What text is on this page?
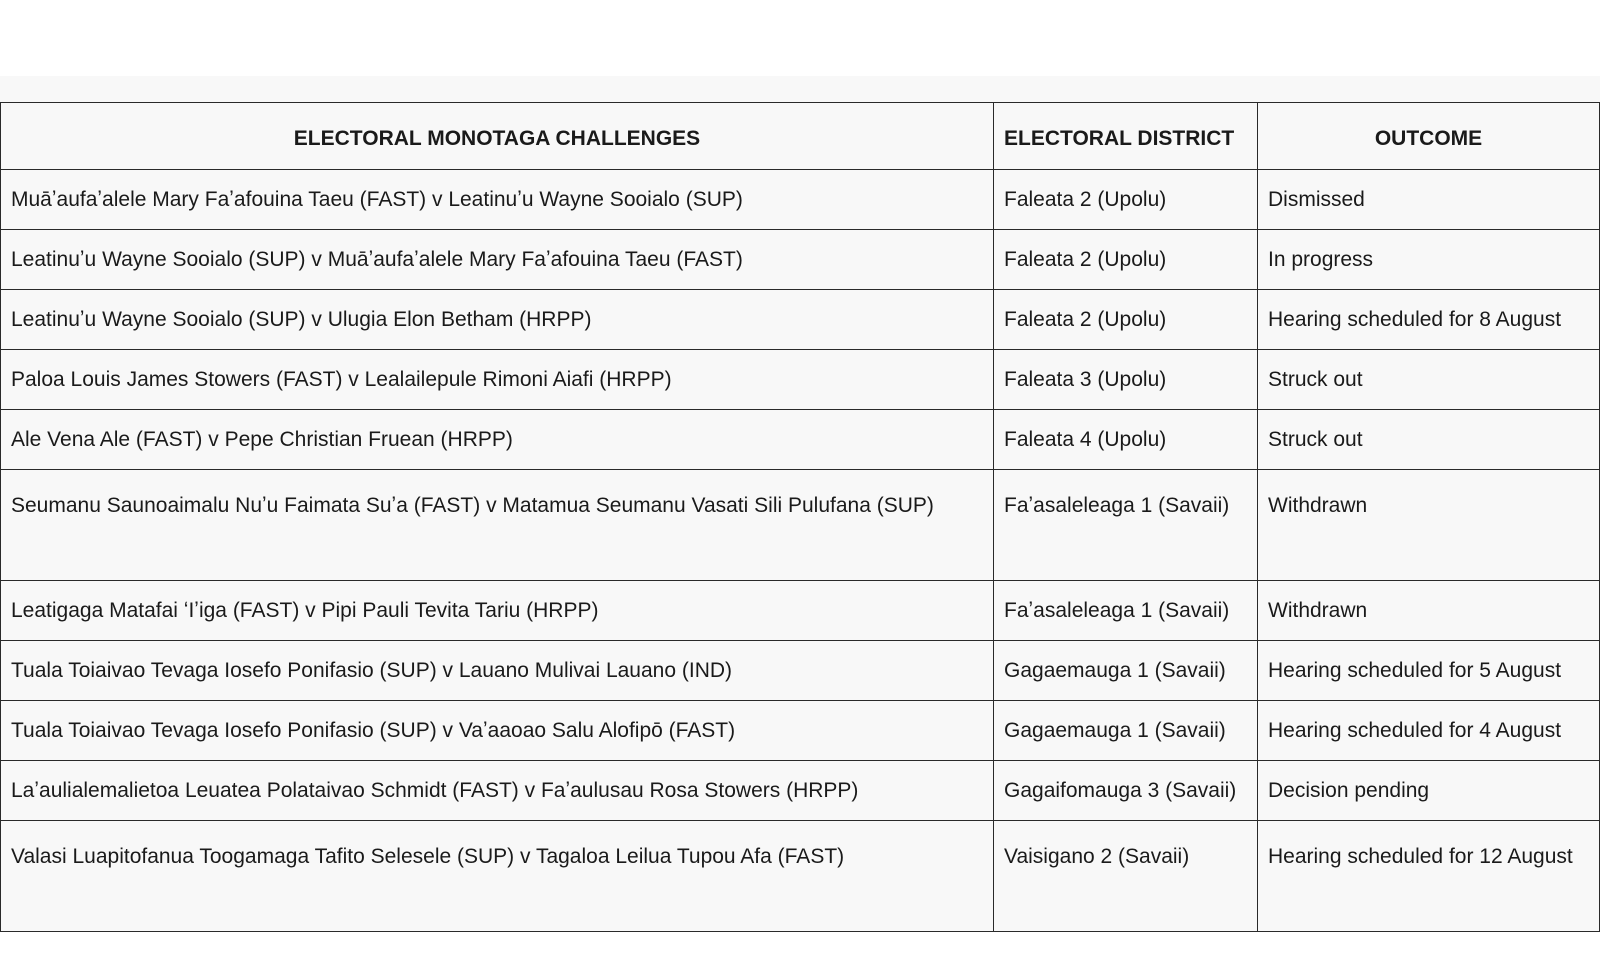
ELECTORAL MONOTAGA CHALLENGES	ELECTORAL DISTRICT	OUTCOME
Muāʼaufaʼalele Mary Faʼafouina Taeu (FAST) v Leatinuʼu Wayne Sooialo (SUP)	Faleata 2 (Upolu)	Dismissed
Leatinuʼu Wayne Sooialo (SUP) v Muāʼaufaʼalele Mary Faʼafouina Taeu (FAST)	Faleata 2 (Upolu)	In progress
Leatinuʼu Wayne Sooialo (SUP) v Ulugia Elon Betham (HRPP)	Faleata 2 (Upolu)	Hearing scheduled for 8 August
Paloa Louis James Stowers (FAST) v Lealailepule Rimoni Aiafi (HRPP)	Faleata 3 (Upolu)	Struck out
Ale Vena Ale (FAST) v Pepe Christian Fruean (HRPP)	Faleata 4 (Upolu)	Struck out
Seumanu Saunoaimalu Nuʼu Faimata Suʼa (FAST) v Matamua Seumanu Vasati Sili Pulufana (SUP)	Faʼasaleleaga 1 (Savaii)	Withdrawn
Leatigaga Matafai ʻIʼiga (FAST) v Pipi Pauli Tevita Tariu (HRPP)	Faʼasaleleaga 1 (Savaii)	Withdrawn
Tuala Toiaivao Tevaga Iosefo Ponifasio (SUP) v Lauano Mulivai Lauano (IND)	Gagaemauga 1 (Savaii)	Hearing scheduled for 5 August
Tuala Toiaivao Tevaga Iosefo Ponifasio (SUP) v Vaʼaaoao Salu Alofipō (FAST)	Gagaemauga 1 (Savaii)	Hearing scheduled for 4 August
Laʼaulialemalietoa Leuatea Polataivao Schmidt (FAST) v Faʼaulusau Rosa Stowers (HRPP)	Gagaifomauga 3 (Savaii)	Decision pending
Valasi Luapitofanua Toogamaga Tafito Selesele (SUP) v Tagaloa Leilua Tupou Afa (FAST)	Vaisigano 2 (Savaii)	Hearing scheduled for 12 August
